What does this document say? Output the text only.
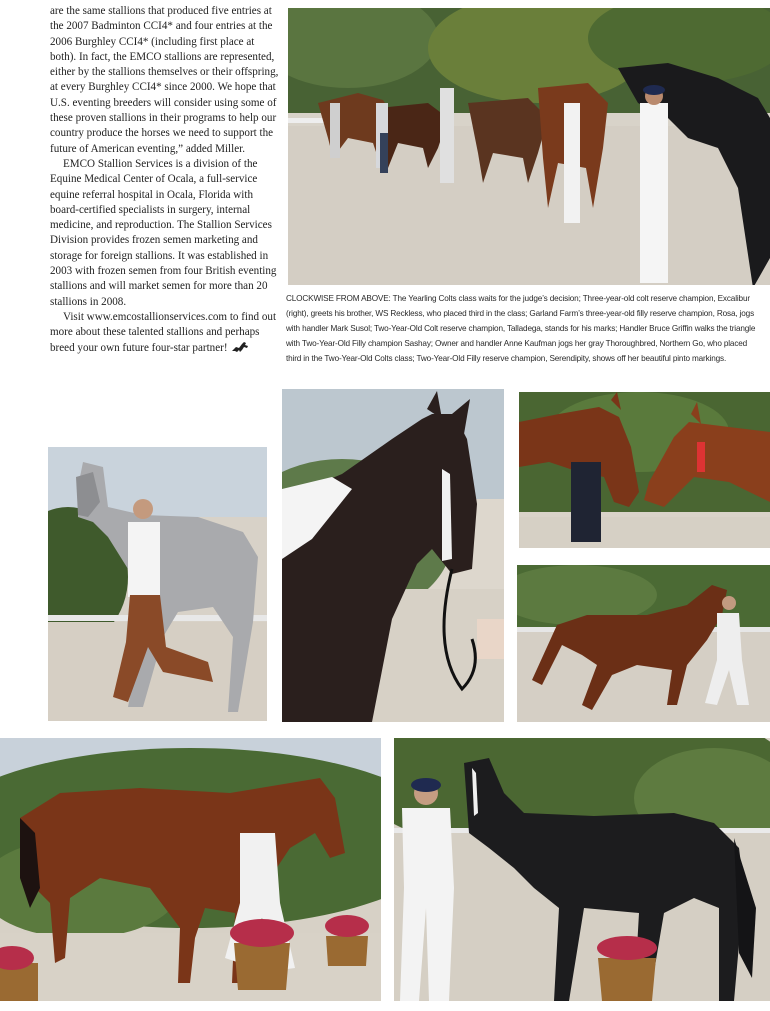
are the same stallions that produced five entries at the 2007 Badminton CCI4* and four entries at the 2006 Burghley CCI4* (including first place at both). In fact, the EMCO stallions are represented, either by the stallions themselves or their offspring, at every Burghley CCI4* since 2000. We hope that U.S. eventing breeders will consider using some of these proven stallions in their programs to help our country produce the horses we need to support the future of American eventing,” added Miller.

EMCO Stallion Services is a division of the Equine Medical Center of Ocala, a full-service equine referral hospital in Ocala, Florida with board-certified specialists in surgery, internal medicine, and reproduction. The Stallion Services Division provides frozen semen marketing and storage for foreign stallions. It was established in 2003 with frozen semen from four British eventing stallions and will market semen for more than 20 stallions in 2008.

Visit www.emcostallionservices.com to find out more about these talented stallions and perhaps breed your own future four-star partner!

CLOCKWISE FROM ABOVE: The Yearling Colts class waits for the judge’s decision; Three-year-old colt reserve champion, Excalibur (right), greets his brother, WS Reckless, who placed third in the class; Garland Farm’s three-year-old filly reserve champion, Rosa, jogs with handler Mark Susol; Two-Year-Old Colt reserve champion, Talladega, stands for his marks; Handler Bruce Griffin walks the triangle with Two-Year-Old Filly champion Sashay; Owner and handler Anne Kaufman jogs her gray Thoroughbred, Northern Go, who placed third in the Two-Year-Old Colts class; Two-Year-Old Filly reserve champion, Serendipity, shows off her beautiful pinto markings.
